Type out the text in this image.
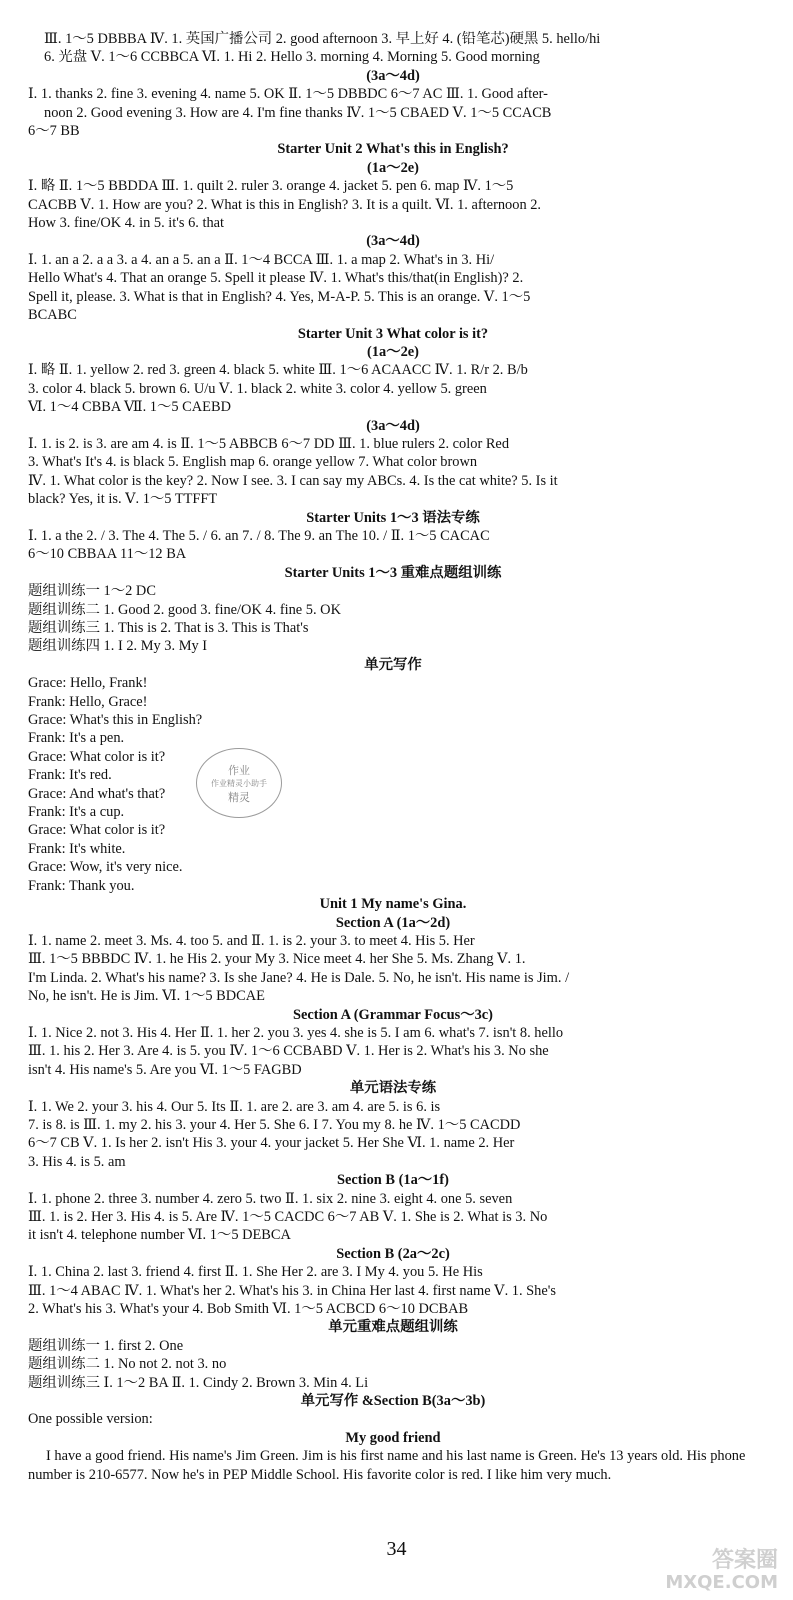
Ⅲ. 1～5 DBBBA Ⅳ. 1. 英国广播公司 2. good afternoon 3. 早上好 4. (铅笔芯)硬黑 5. hello/hi
6. 光盘 Ⅴ. 1～6 CCBBCA Ⅵ. 1. Hi 2. Hello 3. morning 4. Morning 5. Good morning
(3a～4d)
Ⅰ. 1. thanks 2. fine 3. evening 4. name 5. OK Ⅱ. 1～5 DBBDC 6～7 AC Ⅲ. 1. Good after-
noon 2. Good evening 3. How are 4. I'm fine thanks Ⅳ. 1～5 CBAED Ⅴ. 1～5 CCACB
6～7 BB
Starter Unit 2 What's this in English?
(1a～2e)
Ⅰ. 略 Ⅱ. 1～5 BBDDA Ⅲ. 1. quilt 2. ruler 3. orange 4. jacket 5. pen 6. map Ⅳ. 1～5
CACBB Ⅴ. 1. How are you? 2. What is this in English? 3. It is a quilt. Ⅵ. 1. afternoon 2.
How 3. fine/OK 4. in 5. it's 6. that
(3a～4d)
Ⅰ. 1. an a 2. a a 3. a 4. an a 5. an a Ⅱ. 1～4 BCCA Ⅲ. 1. a map 2. What's in 3. Hi/
Hello What's 4. That an orange 5. Spell it please Ⅳ. 1. What's this/that(in English)? 2.
Spell it, please. 3. What is that in English? 4. Yes, M-A-P. 5. This is an orange. Ⅴ. 1～5
BCABC
Starter Unit 3 What color is it?
(1a～2e)
Ⅰ. 略 Ⅱ. 1. yellow 2. red 3. green 4. black 5. white Ⅲ. 1～6 ACAACC Ⅳ. 1. R/r 2. B/b
3. color 4. black 5. brown 6. U/u Ⅴ. 1. black 2. white 3. color 4. yellow 5. green
Ⅵ. 1～4 CBBA Ⅶ. 1～5 CAEBD
(3a～4d)
Ⅰ. 1. is 2. is 3. are am 4. is Ⅱ. 1～5 ABBCB 6～7 DD Ⅲ. 1. blue rulers 2. color Red
3. What's It's 4. is black 5. English map 6. orange yellow 7. What color brown
Ⅳ. 1. What color is the key? 2. Now I see. 3. I can say my ABCs. 4. Is the cat white? 5. Is it
black? Yes, it is. Ⅴ. 1～5 TTFFT
Starter Units 1～3 语法专练
Ⅰ. 1. a the 2. / 3. The 4. The 5. / 6. an 7. / 8. The 9. an The 10. / Ⅱ. 1～5 CACAC
6～10 CBBAA 11～12 BA
Starter Units 1～3 重难点题组训练
题组训练一 1～2 DC
题组训练二 1. Good 2. good 3. fine/OK 4. fine 5. OK
题组训练三 1. This is 2. That is 3. This is That's
题组训练四 1. I 2. My 3. My I
单元写作
Grace: Hello, Frank!
Frank: Hello, Grace!
Grace: What's this in English?
Frank: It's a pen.
Grace: What color is it?
Frank: It's red.
Grace: And what's that?
Frank: It's a cup.
Grace: What color is it?
Frank: It's white.
Grace: Wow, it's very nice.
Frank: Thank you.
Unit 1 My name's Gina.
Section A (1a～2d)
Ⅰ. 1. name 2. meet 3. Ms. 4. too 5. and Ⅱ. 1. is 2. your 3. to meet 4. His 5. Her
Ⅲ. 1～5 BBBDC Ⅳ. 1. he His 2. your My 3. Nice meet 4. her She 5. Ms. Zhang Ⅴ. 1.
I'm Linda. 2. What's his name? 3. Is she Jane? 4. He is Dale. 5. No, he isn't. His name is Jim. /
No, he isn't. He is Jim. Ⅵ. 1～5 BDCAE
Section A (Grammar Focus～3c)
Ⅰ. 1. Nice 2. not 3. His 4. Her Ⅱ. 1. her 2. you 3. yes 4. she is 5. I am 6. what's 7. isn't 8. hello
Ⅲ. 1. his 2. Her 3. Are 4. is 5. you Ⅳ. 1～6 CCBABD Ⅴ. 1. Her is 2. What's his 3. No she
isn't 4. His name's 5. Are you Ⅵ. 1～5 FAGBD
单元语法专练
Ⅰ. 1. We 2. your 3. his 4. Our 5. Its Ⅱ. 1. are 2. are 3. am 4. are 5. is 6. is
7. is 8. is Ⅲ. 1. my 2. his 3. your 4. Her 5. She 6. I 7. You my 8. he Ⅳ. 1～5 CACDD
6～7 CB Ⅴ. 1. Is her 2. isn't His 3. your 4. your jacket 5. Her She Ⅵ. 1. name 2. Her
3. His 4. is 5. am
Section B (1a～1f)
Ⅰ. 1. phone 2. three 3. number 4. zero 5. two Ⅱ. 1. six 2. nine 3. eight 4. one 5. seven
Ⅲ. 1. is 2. Her 3. His 4. is 5. Are Ⅳ. 1～5 CACDC 6～7 AB Ⅴ. 1. She is 2. What is 3. No
it isn't 4. telephone number Ⅵ. 1～5 DEBCA
Section B (2a～2c)
Ⅰ. 1. China 2. last 3. friend 4. first Ⅱ. 1. She Her 2. are 3. I My 4. you 5. He His
Ⅲ. 1～4 ABAC Ⅳ. 1. What's her 2. What's his 3. in China Her last 4. first name Ⅴ. 1. She's
2. What's his 3. What's your 4. Bob Smith Ⅵ. 1～5 ACBCD 6～10 DCBAB
单元重难点题组训练
题组训练一 1. first 2. One
题组训练二 1. No not 2. not 3. no
题组训练三 Ⅰ. 1～2 BA Ⅱ. 1. Cindy 2. Brown 3. Min 4. Li
单元写作 &Section B(3a～3b)
One possible version:
My good friend
I have a good friend. His name's Jim Green. Jim is his first name and his last name is Green. He's 13 years old. His phone number is 210-6577. Now he's in PEP Middle School. His favorite color is red. I like him very much.
作业
作业精灵小助手
精灵
34	答案圈
MXQE.COM
